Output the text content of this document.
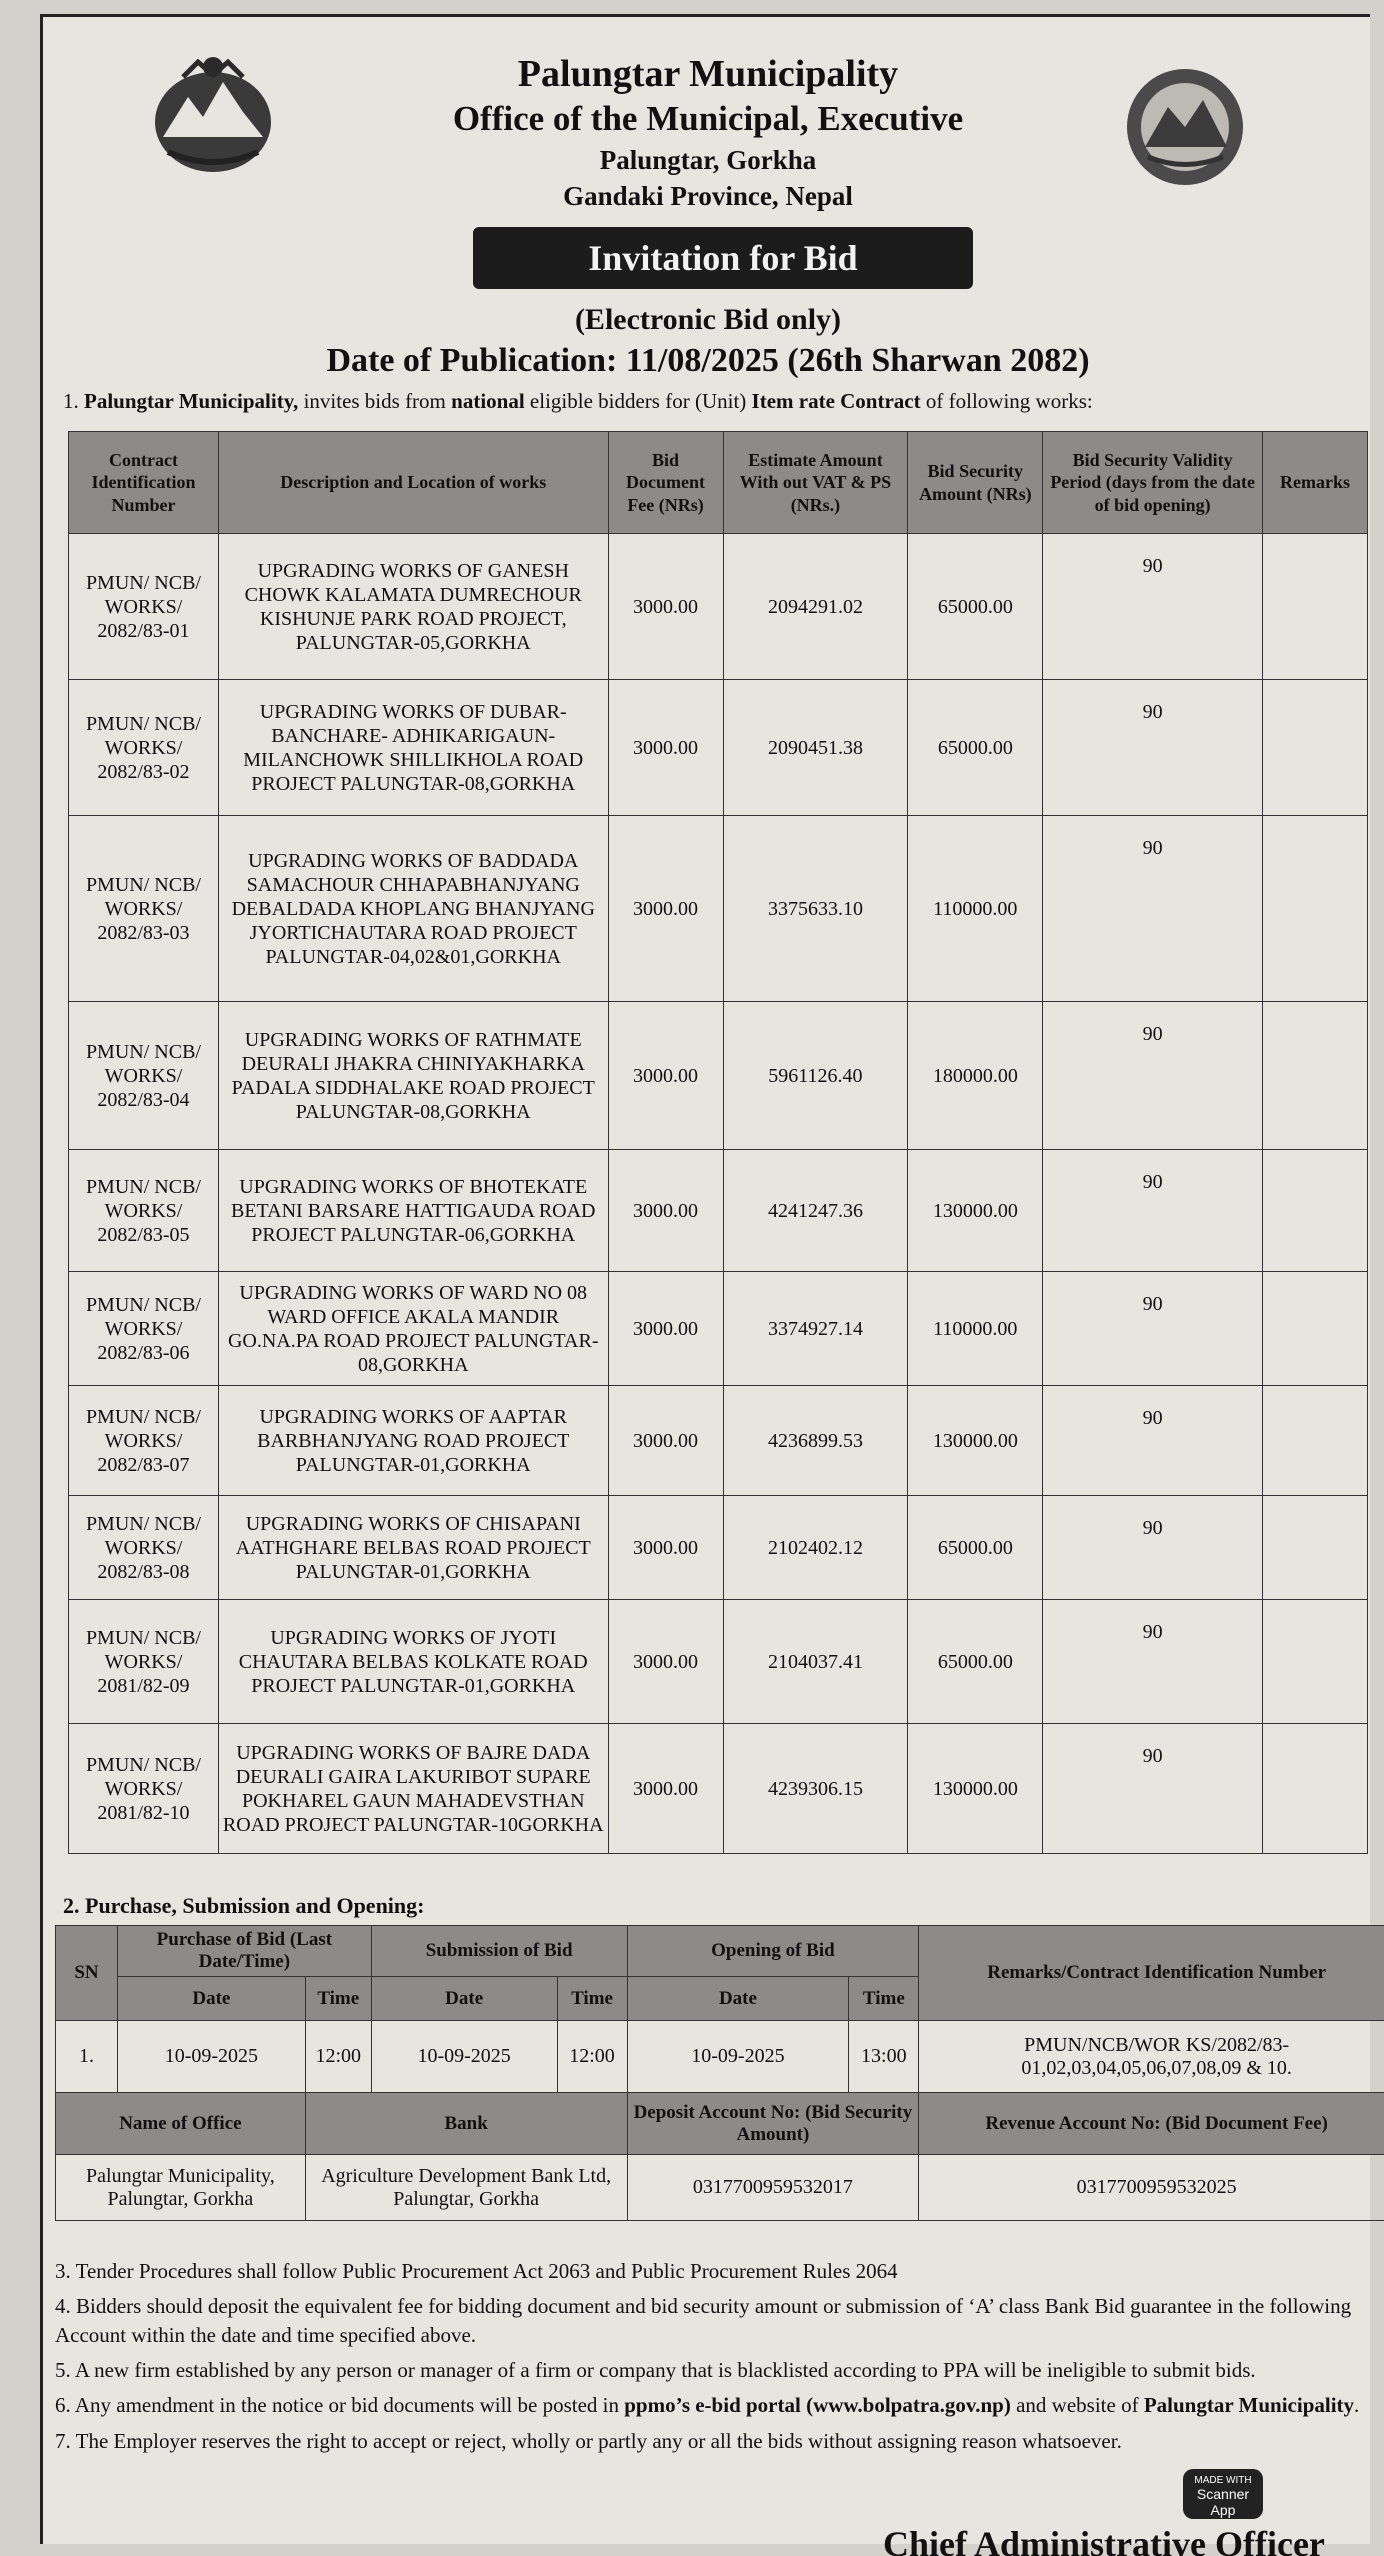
Palungtar Municipality
Office of the Municipal, Executive
Palungtar, Gorkha
Gandaki Province, Nepal
Invitation for Bid
(Electronic Bid only)
Date of Publication: 11/08/2025 (26th Sharwan 2082)
1. Palungtar Municipality, invites bids from national eligible bidders for (Unit) Item rate Contract of following works:
Contract Identification Number	Description and Location of works	Bid Document Fee (NRs)	Estimate Amount With out VAT & PS (NRs.)	Bid Security Amount (NRs)	Bid Security Validity Period (days from the date of bid opening)	Remarks
PMUN/ NCB/ WORKS/ 2082/83-01	UPGRADING WORKS OF GANESH CHOWK KALAMATA DUMRECHOUR KISHUNJE PARK ROAD PROJECT, PALUNGTAR-05,GORKHA	3000.00	2094291.02	65000.00	90	
PMUN/ NCB/ WORKS/ 2082/83-02	UPGRADING WORKS OF DUBAR-BANCHARE- ADHIKARIGAUN-MILANCHOWK SHILLIKHOLA ROAD PROJECT PALUNGTAR-08,GORKHA	3000.00	2090451.38	65000.00	90	
PMUN/ NCB/ WORKS/ 2082/83-03	UPGRADING WORKS OF BADDADA SAMACHOUR CHHAPABHANJYANG DEBALDADA KHOPLANG BHANJYANG JYORTICHAUTARA ROAD PROJECT PALUNGTAR-04,02&01,GORKHA	3000.00	3375633.10	110000.00	90	
PMUN/ NCB/ WORKS/ 2082/83-04	UPGRADING WORKS OF RATHMATE DEURALI JHAKRA CHINIYAKHARKA PADALA SIDDHALAKE ROAD PROJECT PALUNGTAR-08,GORKHA	3000.00	5961126.40	180000.00	90	
PMUN/ NCB/ WORKS/ 2082/83-05	UPGRADING WORKS OF BHOTEKATE BETANI BARSARE HATTIGAUDA ROAD PROJECT PALUNGTAR-06,GORKHA	3000.00	4241247.36	130000.00	90	
PMUN/ NCB/ WORKS/ 2082/83-06	UPGRADING WORKS OF WARD NO 08 WARD OFFICE AKALA MANDIR GO.NA.PA ROAD PROJECT PALUNGTAR-08,GORKHA	3000.00	3374927.14	110000.00	90	
PMUN/ NCB/ WORKS/ 2082/83-07	UPGRADING WORKS OF AAPTAR BARBHANJYANG ROAD PROJECT PALUNGTAR-01,GORKHA	3000.00	4236899.53	130000.00	90	
PMUN/ NCB/ WORKS/ 2082/83-08	UPGRADING WORKS OF CHISAPANI AATHGHARE BELBAS ROAD PROJECT PALUNGTAR-01,GORKHA	3000.00	2102402.12	65000.00	90	
PMUN/ NCB/ WORKS/ 2081/82-09	UPGRADING WORKS OF JYOTI CHAUTARA BELBAS KOLKATE ROAD PROJECT PALUNGTAR-01,GORKHA	3000.00	2104037.41	65000.00	90	
PMUN/ NCB/ WORKS/ 2081/82-10	UPGRADING WORKS OF BAJRE DADA DEURALI GAIRA LAKURIBOT SUPARE POKHAREL GAUN MAHADEVSTHAN ROAD PROJECT PALUNGTAR-10GORKHA	3000.00	4239306.15	130000.00	90	
2. Purchase, Submission and Opening:
SN	Purchase of Bid (Last Date/Time)		Submission of Bid		Opening of Bid		Remarks/Contract Identification Number
	Date	Time	Date	Time	Date	Time	
1.	10-09-2025	12:00	10-09-2025	12:00	10-09-2025	13:00	PMUN/NCB/WOR KS/2082/83-01,02,03,04,05,06,07,08,09 & 10.
Name of Office		Bank			Deposit Account No: (Bid Security Amount)		Revenue Account No: (Bid Document Fee)
Palungtar Municipality, Palungtar, Gorkha		Agriculture Development Bank Ltd, Palungtar, Gorkha			0317700959532017		0317700959532025
3. Tender Procedures shall follow Public Procurement Act 2063 and Public Procurement Rules 2064
4. Bidders should deposit the equivalent fee for bidding document and bid security amount or submission of ‘A’ class Bank Bid guarantee in the following Account within the date and time specified above.
5. A new firm established by any person or manager of a firm or company that is blacklisted according to PPA will be ineligible to submit bids.
6. Any amendment in the notice or bid documents will be posted in ppmo’s e-bid portal (www.bolpatra.gov.np) and website of Palungtar Municipality.
7. The Employer reserves the right to accept or reject, wholly or partly any or all the bids without assigning reason whatsoever.
Chief Administrative Officer
MADE WITH
Scanner
App
